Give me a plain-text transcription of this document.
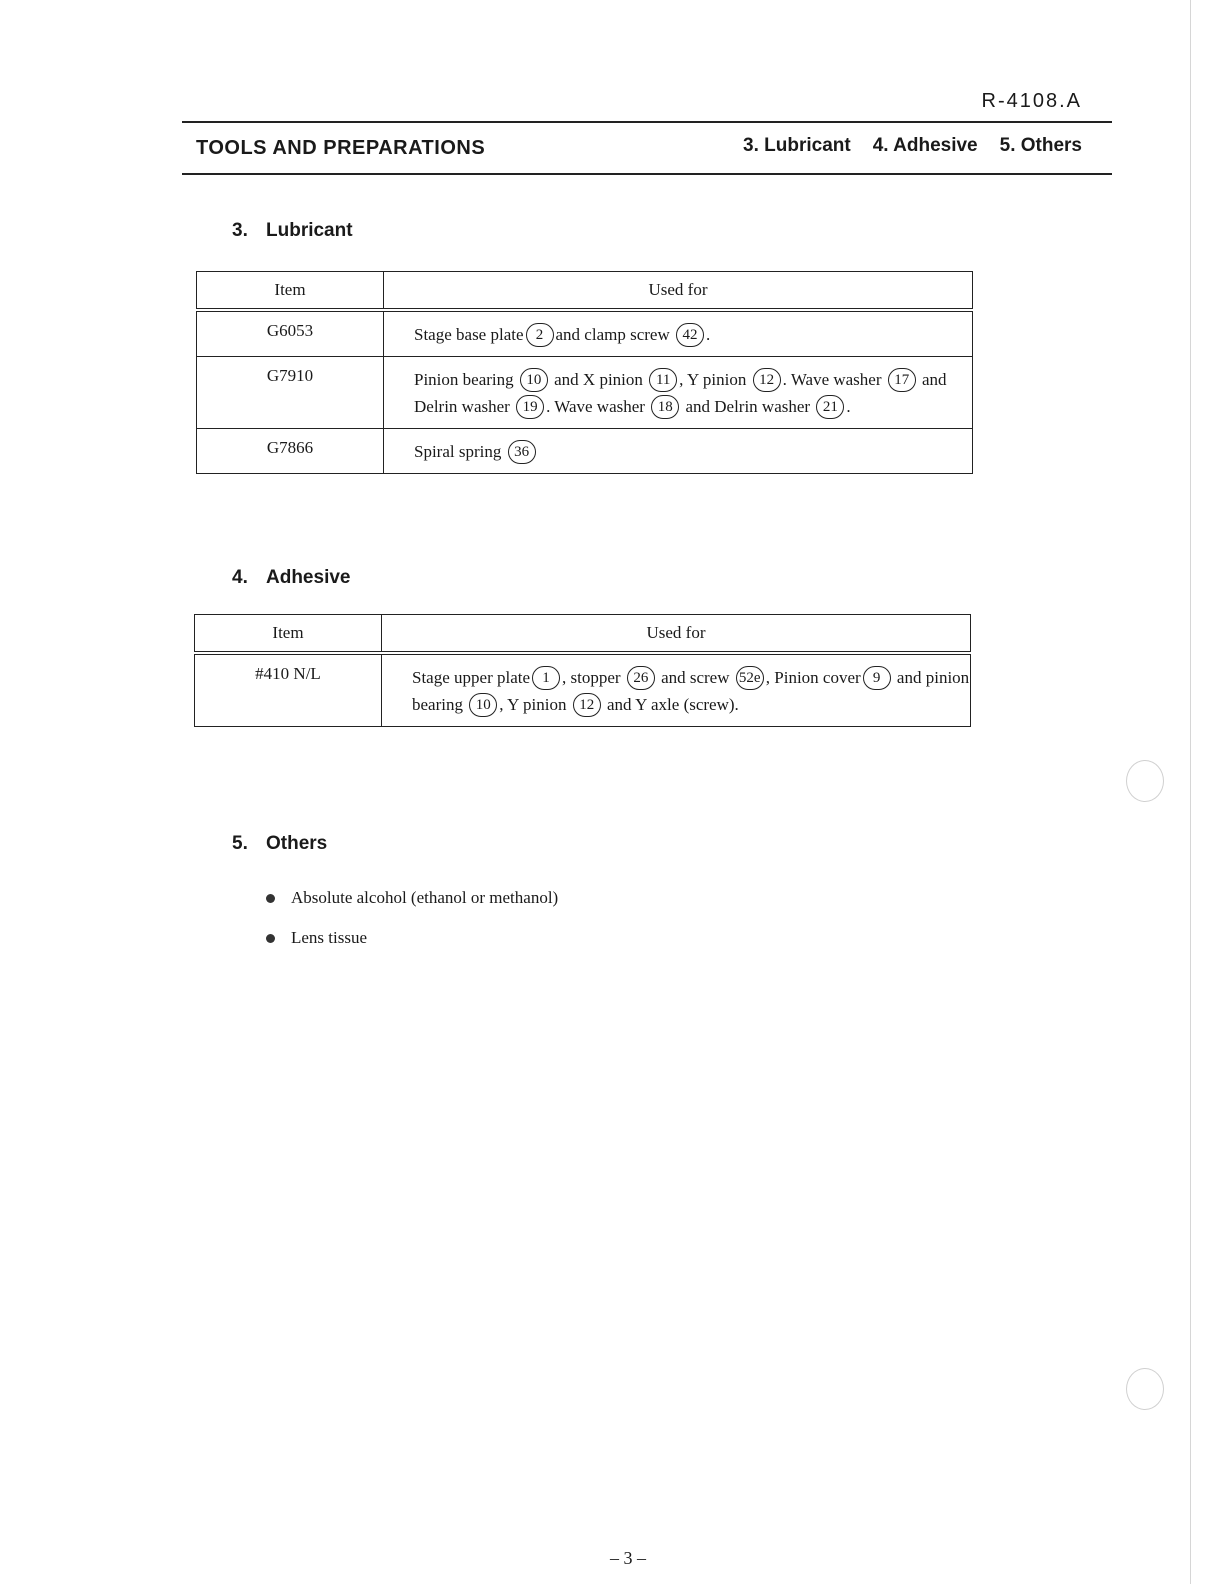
R-4108.A
TOOLS AND PREPARATIONS	3. Lubricant 4. Adhesive 5. Others
3. Lubricant
Item	Used for
G6053	Stage base plate 2 and clamp screw 42 .
G7910	Pinion bearing 10 and X pinion 11 , Y pinion 12 . Wave washer 17 and Delrin washer 19 . Wave washer 18 and Delrin washer 21 .
G7866	Spiral spring 36
4. Adhesive
Item	Used for
#410 N/L	Stage upper plate 1 , stopper 26 and screw 52e , Pinion cover 9 and pinion bearing 10 , Y pinion 12 and Y axle (screw).
5. Others
Absolute alcohol (ethanol or methanol)
Lens tissue
– 3 –
